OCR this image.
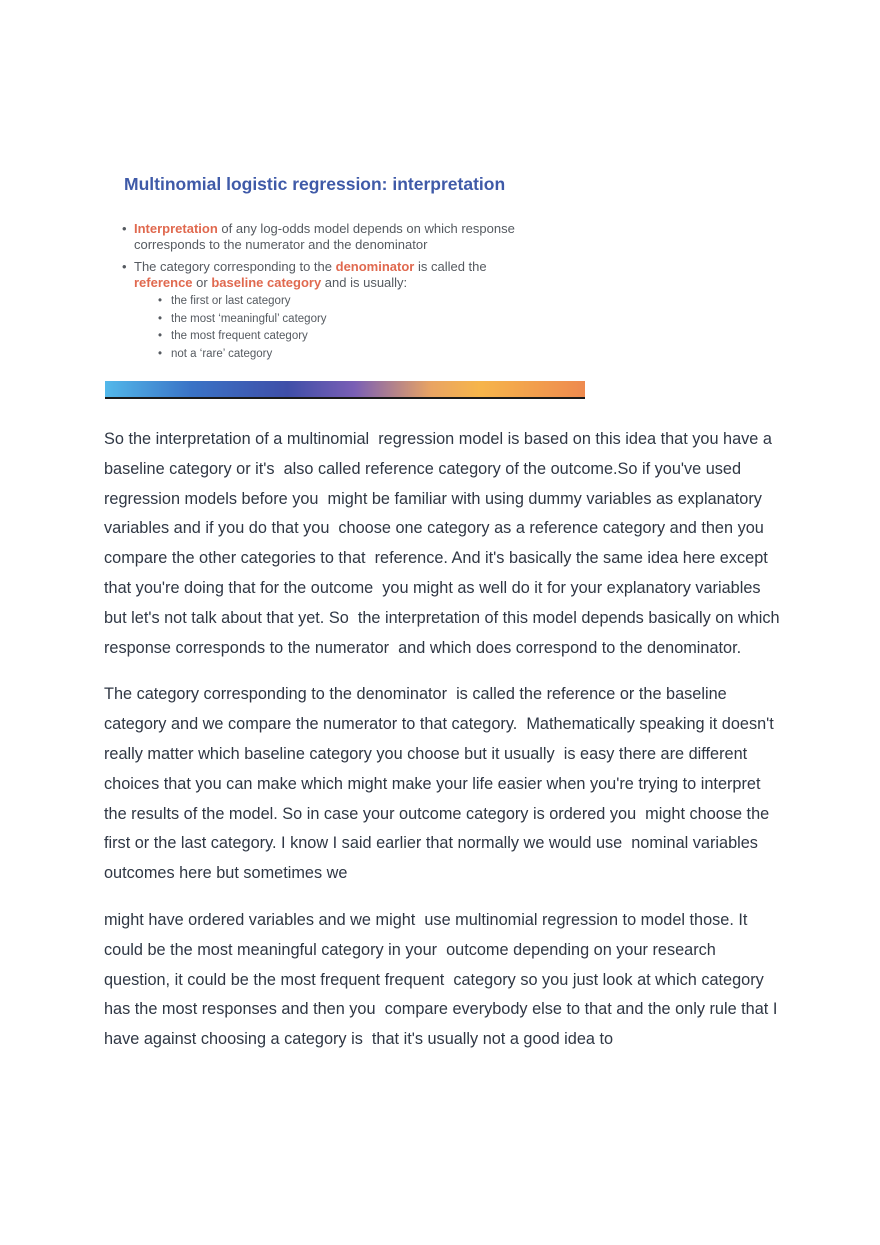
Multinomial logistic regression: interpretation
• Interpretation of any log-odds model depends on which response corresponds to the numerator and the denominator
• The category corresponding to the denominator is called the
reference or baseline category and is usually:
• the first or last category
• the most ‘meaningful’ category
• the most frequent category
• not a ‘rare’ category

So the interpretation of a multinomial  regression model is based on this idea that you have a baseline category or it's  also called reference category of the outcome.So if you've used regression models before you  might be familiar with using dummy variables as explanatory variables and if you do that you  choose one category as a reference category and then you compare the other categories to that  reference. And it's basically the same idea here except that you're doing that for the outcome  you might as well do it for your explanatory variables but let's not talk about that yet. So  the interpretation of this model depends basically on which response corresponds to the numerator  and which does correspond to the denominator.

The category corresponding to the denominator  is called the reference or the baseline category and we compare the numerator to that category.  Mathematically speaking it doesn't really matter which baseline category you choose but it usually  is easy there are different choices that you can make which might make your life easier when you're trying to interpret the results of the model. So in case your outcome category is ordered you  might choose the first or the last category. I know I said earlier that normally we would use  nominal variables outcomes here but sometimes we

might have ordered variables and we might  use multinomial regression to model those. It could be the most meaningful category in your  outcome depending on your research question, it could be the most frequent frequent  category so you just look at which category has the most responses and then you  compare everybody else to that and the only rule that I have against choosing a category is  that it's usually not a good idea to
